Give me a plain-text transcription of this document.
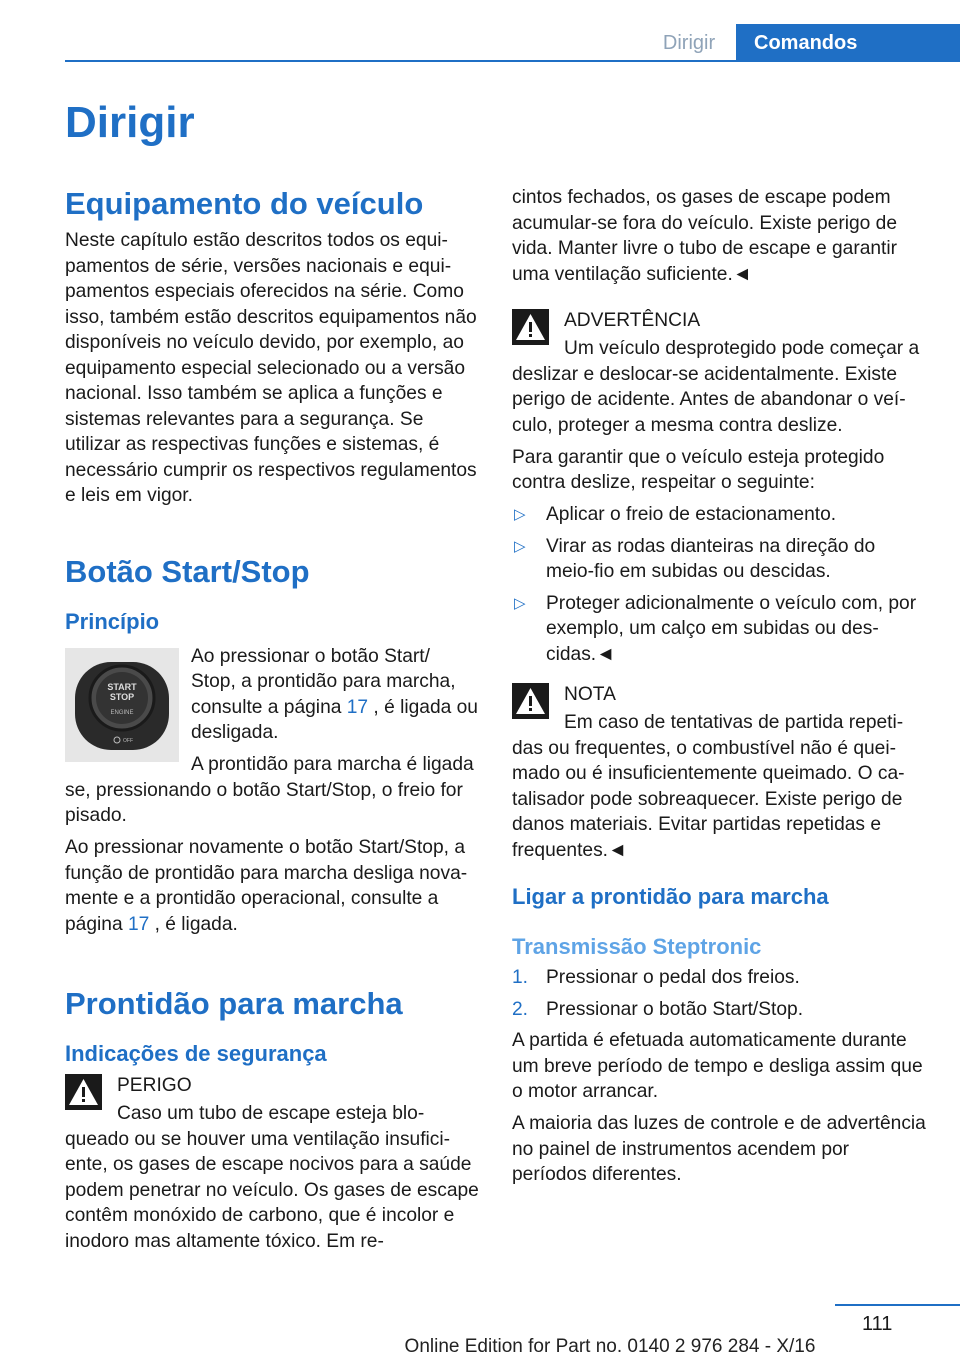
Dirigir	Comandos
Dirigir
Equipamento do veículo

Neste capítulo estão descritos todos os equipamentos de série, versões nacionais e equipamentos especiais oferecidos na série. Como isso, também estão descritos equipamentos não disponíveis no veículo devido, por exemplo, ao equipamento especial selecionado ou a versão nacional. Isso também se aplica a funções e sistemas relevantes para a segurança. Se utilizar as respectivas funções e sistemas, é necessário cumprir os respectivos regulamentos e leis em vigor.

Botão Start/Stop
Princípio
START
STOP
ENGINE
OFF

Ao pressionar o botão Start/ Stop, a prontidão para marcha, consulte a página 17 , é ligada ou desligada.

A prontidão para marcha é ligada se, pressionando o botão Start/Stop, o freio for pisado.

Ao pressionar novamente o botão Start/Stop, a função de prontidão para marcha desliga novamente e a prontidão operacional, consulte a página 17 , é ligada.

Prontidão para marcha
Indicações de segurança
PERIGO

Caso um tubo de escape esteja bloqueado ou se houver uma ventilação insuficiente, os gases de escape nocivos para a saúde podem penetrar no veículo. Os gases de escape contêm monóxido de carbono, que é incolor e inodoro mas altamente tóxico. Em re-

cintos fechados, os gases de escape podem acumular-se fora do veículo. Existe perigo de vida. Manter livre o tubo de escape e garantir uma ventilação suficiente.◄

ADVERTÊNCIA

Um veículo desprotegido pode começar a deslizar e deslocar-se acidentalmente. Existe perigo de acidente. Antes de abandonar o veículo, proteger a mesma contra deslize.

Para garantir que o veículo esteja protegido contra deslize, respeitar o seguinte:

▷ Aplicar o freio de estacionamento.
▷ Virar as rodas dianteiras na direção do meio-fio em subidas ou descidas.
▷ Proteger adicionalmente o veículo com, por exemplo, um calço em subidas ou descidas.◄
NOTA

Em caso de tentativas de partida repetidas ou frequentes, o combustível não é queimado ou é insuficientemente queimado. O catalisador pode sobreaquecer. Existe perigo de danos materiais. Evitar partidas repetidas e frequentes.◄

Ligar a prontidão para marcha
Transmissão Steptronic
1. Pressionar o pedal dos freios.
2. Pressionar o botão Start/Stop.

A partida é efetuada automaticamente durante um breve período de tempo e desliga assim que o motor arrancar.

A maioria das luzes de controle e de advertência no painel de instrumentos acendem por períodos diferentes.

111
Online Edition for Part no. 0140 2 976 284 - X/16
